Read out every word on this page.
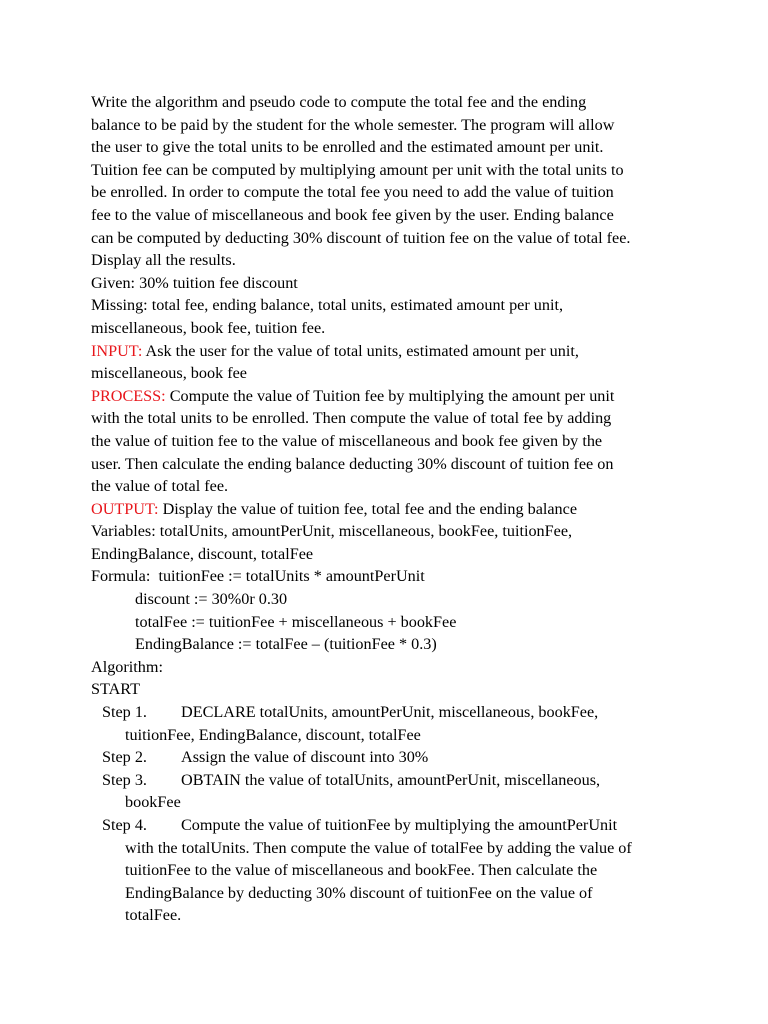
Write the algorithm and pseudo code to compute the total fee and the ending
balance to be paid by the student for the whole semester. The program will allow
the user to give the total units to be enrolled and the estimated amount per unit.
Tuition fee can be computed by multiplying amount per unit with the total units to
be enrolled. In order to compute the total fee you need to add the value of tuition
fee to the value of miscellaneous and book fee given by the user. Ending balance
can be computed by deducting 30% discount of tuition fee on the value of total fee.
Display all the results.
Given: 30% tuition fee discount
Missing: total fee, ending balance, total units, estimated amount per unit,
miscellaneous, book fee, tuition fee.
INPUT: Ask the user for the value of total units, estimated amount per unit,
miscellaneous, book fee
PROCESS: Compute the value of Tuition fee by multiplying the amount per unit
with the total units to be enrolled. Then compute the value of total fee by adding
the value of tuition fee to the value of miscellaneous and book fee given by the
user. Then calculate the ending balance deducting 30% discount of tuition fee on
the value of total fee.
OUTPUT: Display the value of tuition fee, total fee and the ending balance
Variables: totalUnits, amountPerUnit, miscellaneous, bookFee, tuitionFee,
EndingBalance, discount, totalFee
Formula:  tuitionFee := totalUnits * amountPerUnit
discount := 30%0r 0.30
totalFee := tuitionFee + miscellaneous + bookFee
EndingBalance := totalFee – (tuitionFee * 0.3)
Algorithm:
START
Step 1. DECLARE totalUnits, amountPerUnit, miscellaneous, bookFee,
tuitionFee, EndingBalance, discount, totalFee
Step 2. Assign the value of discount into 30%
Step 3. OBTAIN the value of totalUnits, amountPerUnit, miscellaneous,
bookFee
Step 4. Compute the value of tuitionFee by multiplying the amountPerUnit
with the totalUnits. Then compute the value of totalFee by adding the value of
tuitionFee to the value of miscellaneous and bookFee. Then calculate the
EndingBalance by deducting 30% discount of tuitionFee on the value of
totalFee.
